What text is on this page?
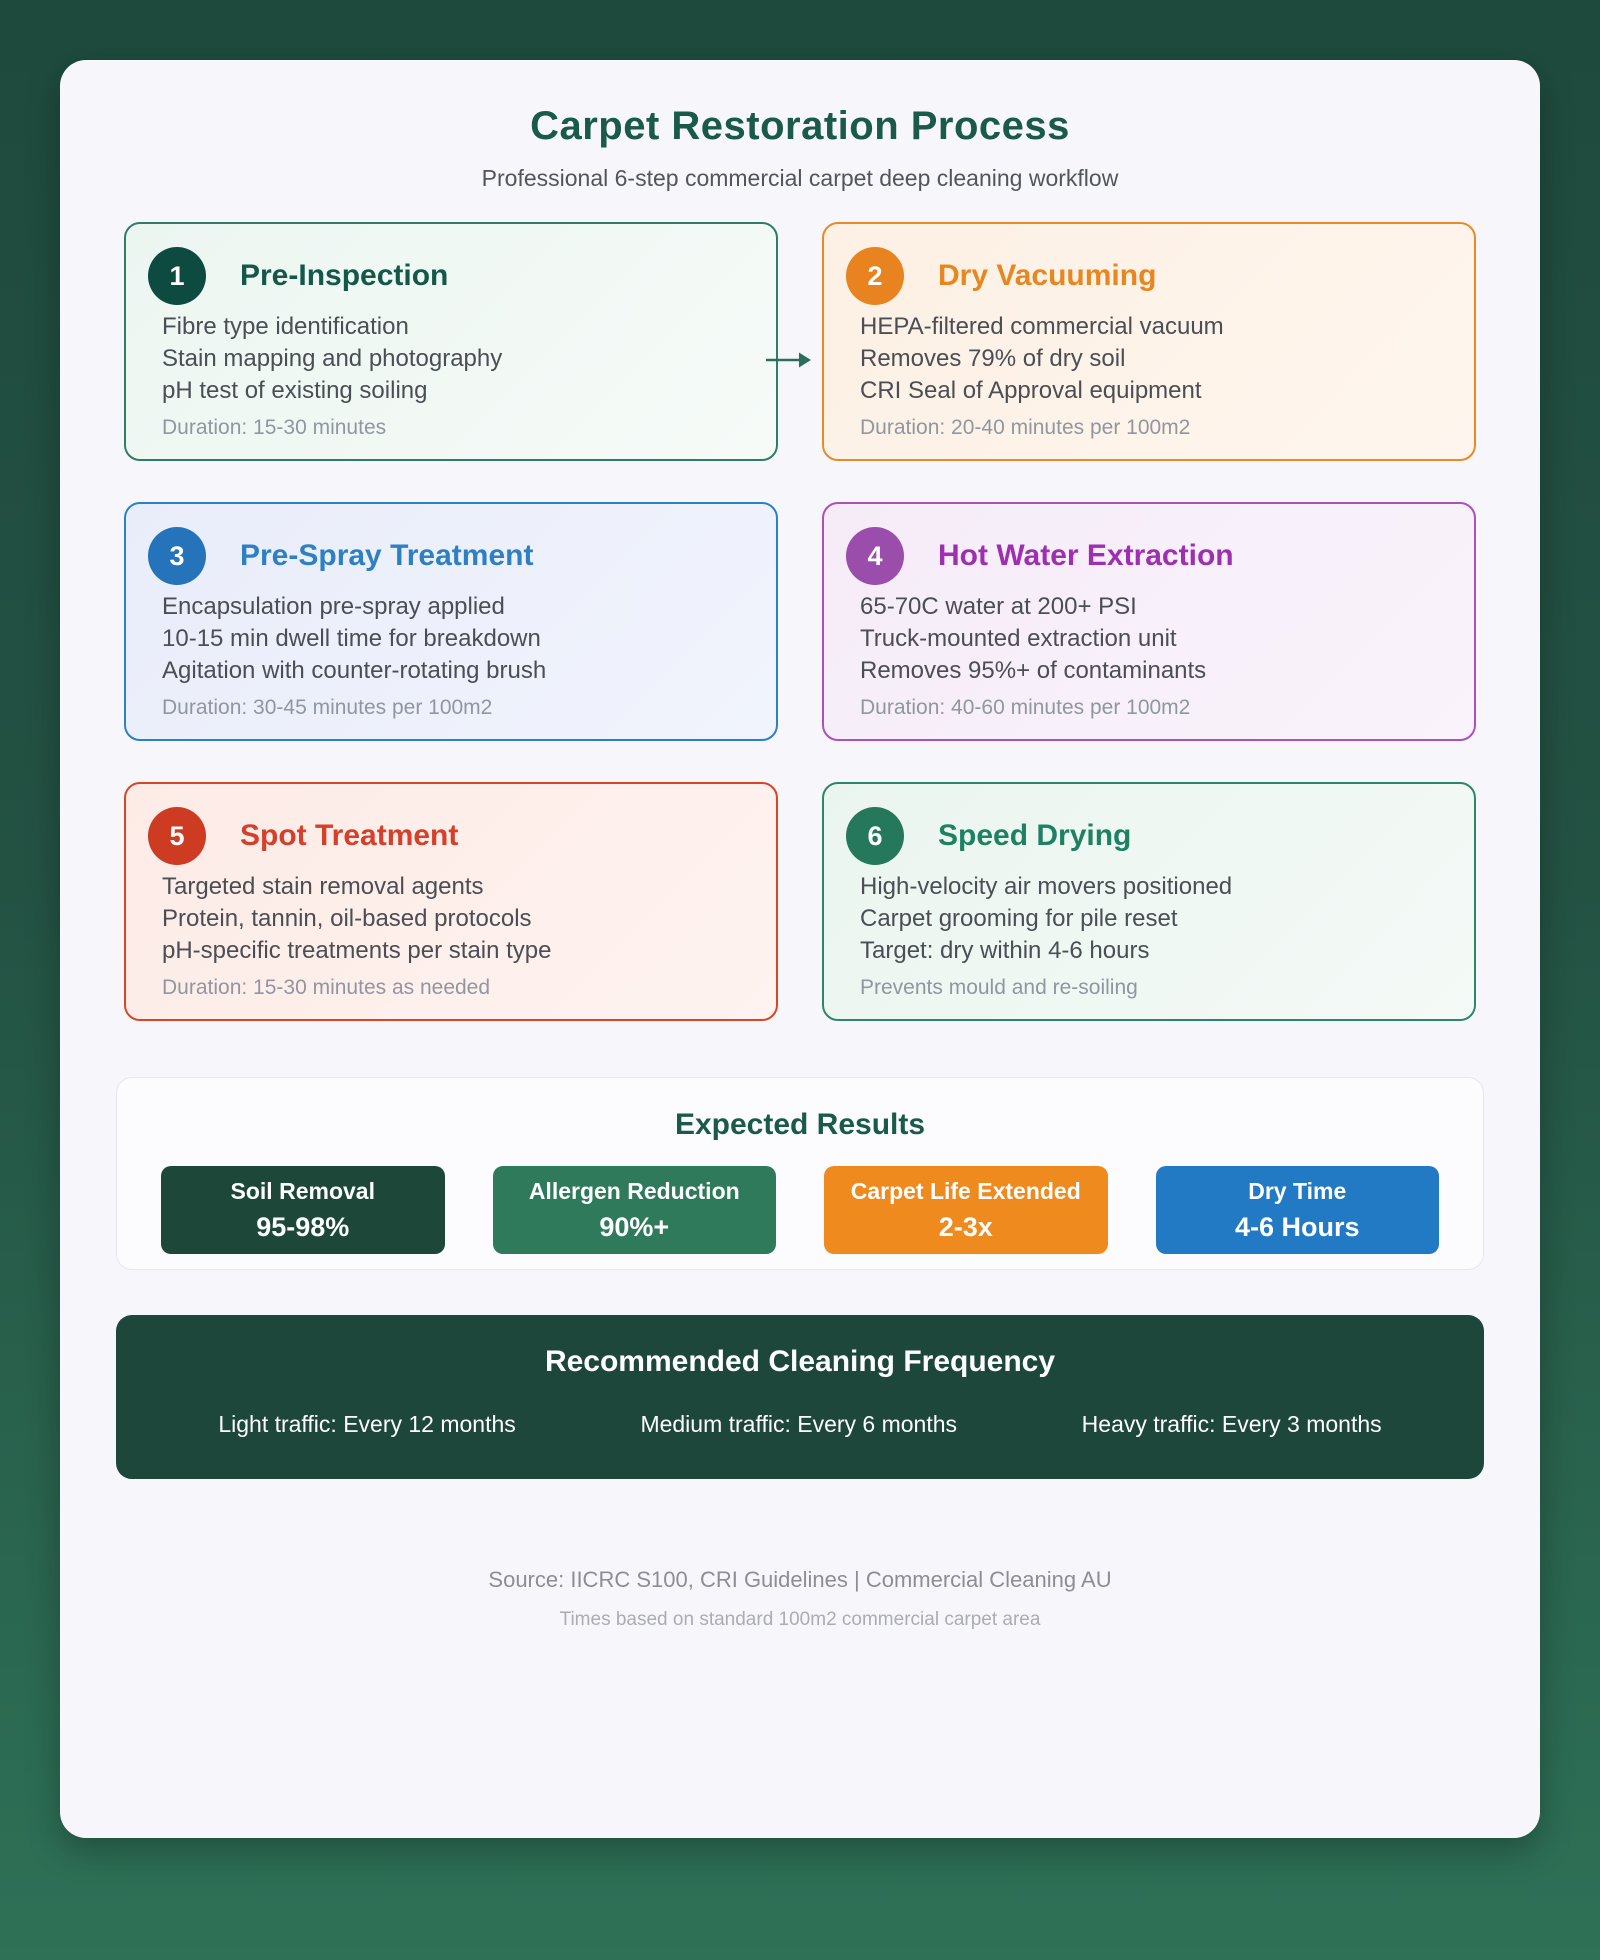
Carpet Restoration Process
Professional 6-step commercial carpet deep cleaning workflow
1	Pre-Inspection
Fibre type identification
Stain mapping and photography
pH test of existing soiling
Duration: 15-30 minutes
2	Dry Vacuuming
HEPA-filtered commercial vacuum
Removes 79% of dry soil
CRI Seal of Approval equipment
Duration: 20-40 minutes per 100m2
3	Pre-Spray Treatment
Encapsulation pre-spray applied
10-15 min dwell time for breakdown
Agitation with counter-rotating brush
Duration: 30-45 minutes per 100m2
4	Hot Water Extraction
65-70C water at 200+ PSI
Truck-mounted extraction unit
Removes 95%+ of contaminants
Duration: 40-60 minutes per 100m2
5	Spot Treatment
Targeted stain removal agents
Protein, tannin, oil-based protocols
pH-specific treatments per stain type
Duration: 15-30 minutes as needed
6	Speed Drying
High-velocity air movers positioned
Carpet grooming for pile reset
Target: dry within 4-6 hours
Prevents mould and re-soiling
Expected Results
Soil Removal
95-98%
Allergen Reduction
90%+
Carpet Life Extended
2-3x
Dry Time
4-6 Hours
Recommended Cleaning Frequency
Light traffic: Every 12 months	Medium traffic: Every 6 months	Heavy traffic: Every 3 months
Source: IICRC S100, CRI Guidelines | Commercial Cleaning AU
Times based on standard 100m2 commercial carpet area
